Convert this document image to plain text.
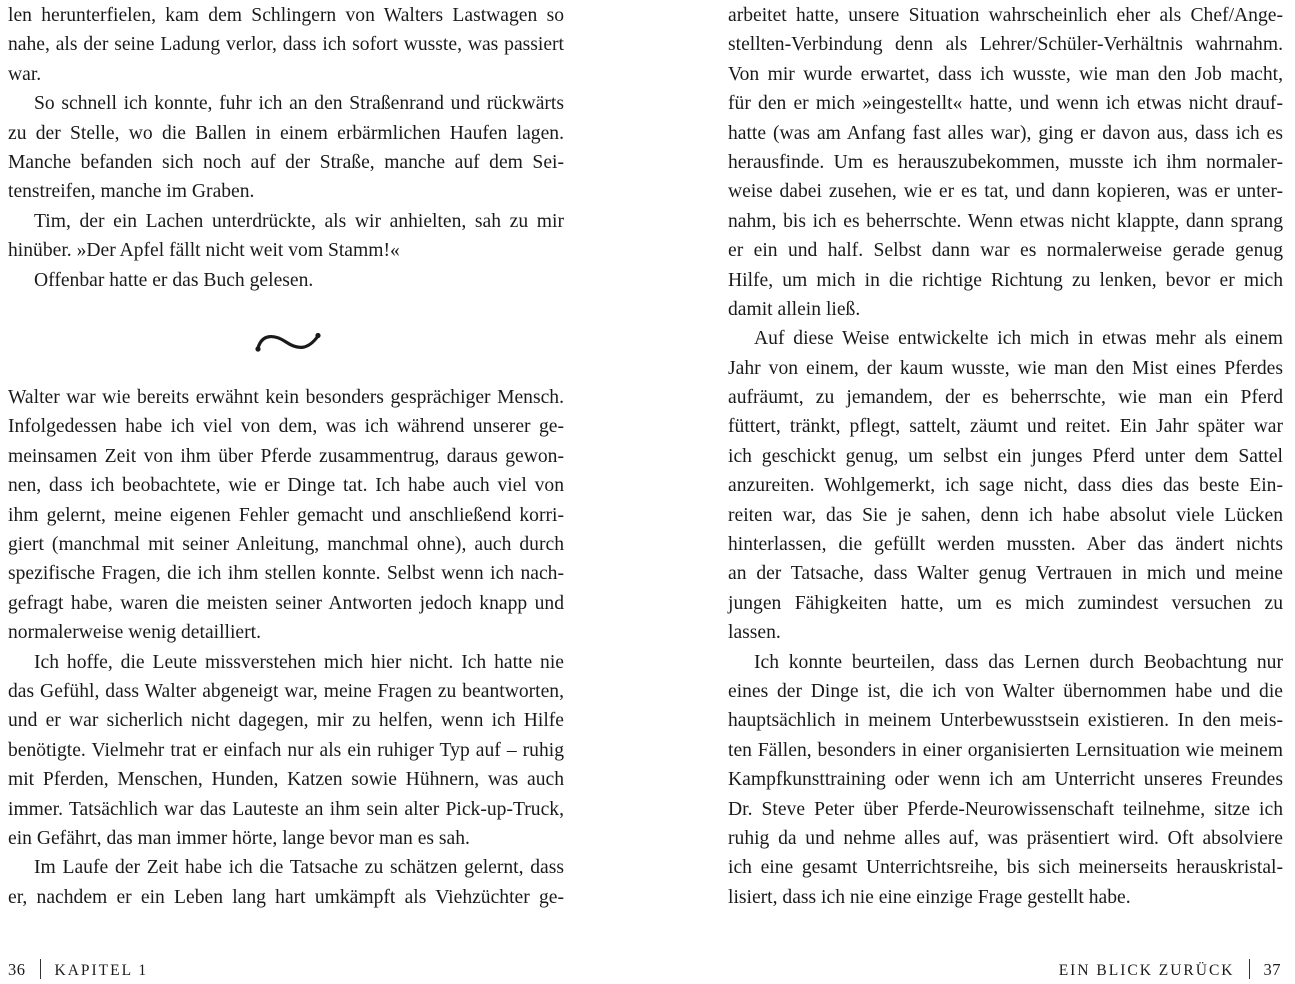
len herunterfielen, kam dem Schlingern von Walters Lastwagen so
nahe, als der seine Ladung verlor, dass ich sofort wusste, was passiert
war.
So schnell ich konnte, fuhr ich an den Straßenrand und rückwärts
zu der Stelle, wo die Ballen in einem erbärmlichen Haufen lagen.
Manche befanden sich noch auf der Straße, manche auf dem Sei-
tenstreifen, manche im Graben.
Tim, der ein Lachen unterdrückte, als wir anhielten, sah zu mir
hinüber. »Der Apfel fällt nicht weit vom Stamm!«
Offenbar hatte er das Buch gelesen.
Walter war wie bereits erwähnt kein besonders gesprächiger Mensch.
Infolgedessen habe ich viel von dem, was ich während unserer ge-
meinsamen Zeit von ihm über Pferde zusammentrug, daraus gewon-
nen, dass ich beobachtete, wie er Dinge tat. Ich habe auch viel von
ihm gelernt, meine eigenen Fehler gemacht und anschließend korri-
giert (manchmal mit seiner Anleitung, manchmal ohne), auch durch
spezifische Fragen, die ich ihm stellen konnte. Selbst wenn ich nach-
gefragt habe, waren die meisten seiner Antworten jedoch knapp und
normalerweise wenig detailliert.
Ich hoffe, die Leute missverstehen mich hier nicht. Ich hatte nie
das Gefühl, dass Walter abgeneigt war, meine Fragen zu beantworten,
und er war sicherlich nicht dagegen, mir zu helfen, wenn ich Hilfe
benötigte. Vielmehr trat er einfach nur als ein ruhiger Typ auf – ruhig
mit Pferden, Menschen, Hunden, Katzen sowie Hühnern, was auch
immer. Tatsächlich war das Lauteste an ihm sein alter Pick-up-Truck,
ein Gefährt, das man immer hörte, lange bevor man es sah.
Im Laufe der Zeit habe ich die Tatsache zu schätzen gelernt, dass
er, nachdem er ein Leben lang hart umkämpft als Viehzüchter ge-
36 KAPITEL 1
arbeitet hatte, unsere Situation wahrscheinlich eher als Chef/Ange-
stellten-Verbindung denn als Lehrer/Schüler-Verhältnis wahrnahm.
Von mir wurde erwartet, dass ich wusste, wie man den Job macht,
für den er mich »eingestellt« hatte, und wenn ich etwas nicht drauf-
hatte (was am Anfang fast alles war), ging er davon aus, dass ich es
herausfinde. Um es herauszubekommen, musste ich ihm normaler-
weise dabei zusehen, wie er es tat, und dann kopieren, was er unter-
nahm, bis ich es beherrschte. Wenn etwas nicht klappte, dann sprang
er ein und half. Selbst dann war es normalerweise gerade genug
Hilfe, um mich in die richtige Richtung zu lenken, bevor er mich
damit allein ließ.
Auf diese Weise entwickelte ich mich in etwas mehr als einem
Jahr von einem, der kaum wusste, wie man den Mist eines Pferdes
aufräumt, zu jemandem, der es beherrschte, wie man ein Pferd
füttert, tränkt, pflegt, sattelt, zäumt und reitet. Ein Jahr später war
ich geschickt genug, um selbst ein junges Pferd unter dem Sattel
anzureiten. Wohlgemerkt, ich sage nicht, dass dies das beste Ein-
reiten war, das Sie je sahen, denn ich habe absolut viele Lücken
hinterlassen, die gefüllt werden mussten. Aber das ändert nichts
an der Tatsache, dass Walter genug Vertrauen in mich und meine
jungen Fähigkeiten hatte, um es mich zumindest versuchen zu
lassen.
Ich konnte beurteilen, dass das Lernen durch Beobachtung nur
eines der Dinge ist, die ich von Walter übernommen habe und die
hauptsächlich in meinem Unterbewusstsein existieren. In den meis-
ten Fällen, besonders in einer organisierten Lernsituation wie meinem
Kampfkunsttraining oder wenn ich am Unterricht unseres Freundes
Dr. Steve Peter über Pferde-Neurowissenschaft teilnehme, sitze ich
ruhig da und nehme alles auf, was präsentiert wird. Oft absolviere
ich eine gesamt Unterrichtsreihe, bis sich meinerseits herauskristal-
lisiert, dass ich nie eine einzige Frage gestellt habe.
EIN BLICK ZURÜCK 37
